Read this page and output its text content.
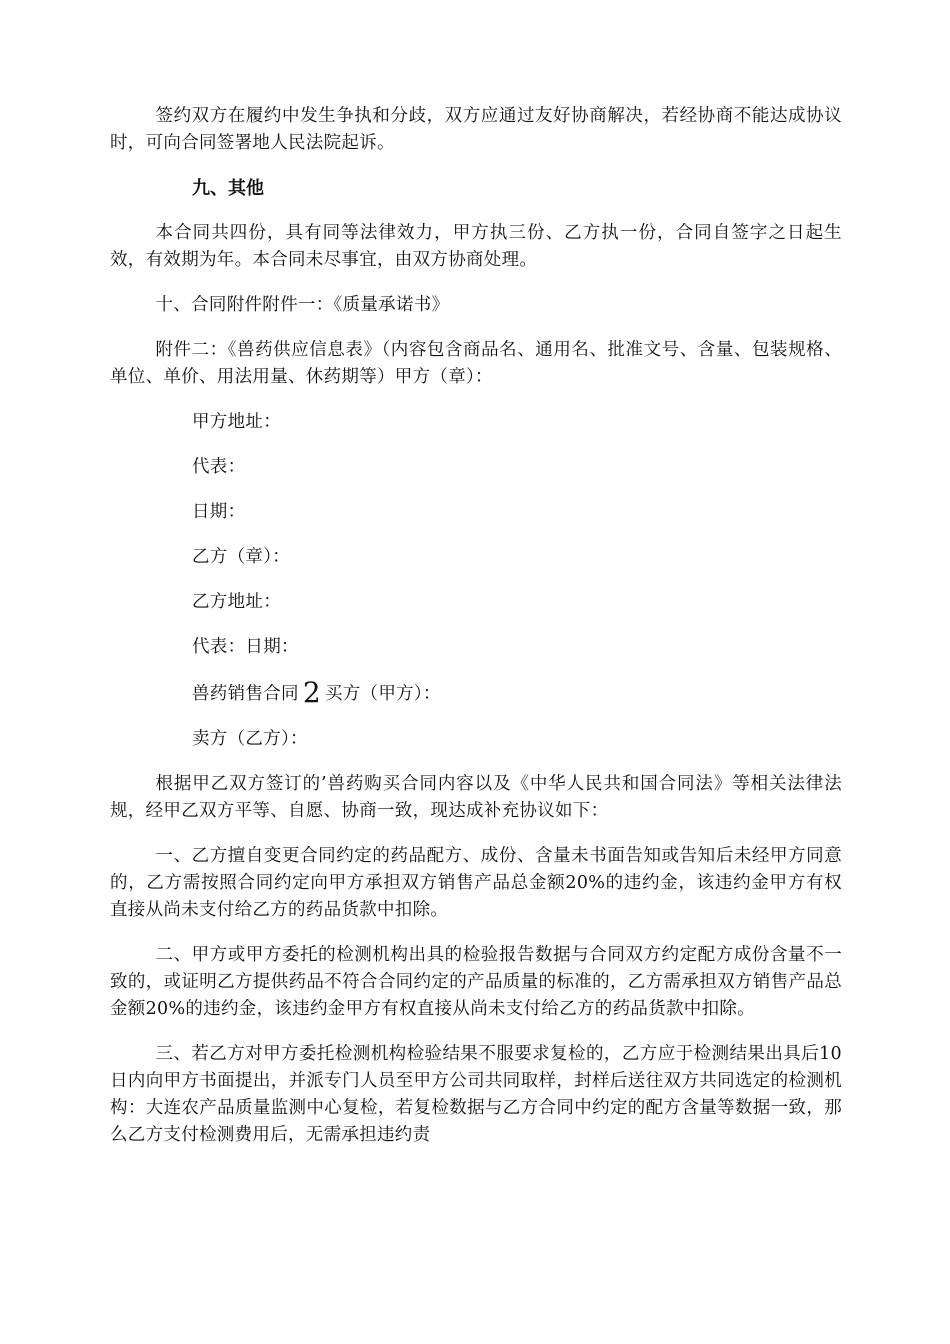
签约双方在履约中发生争执和分歧，双方应通过友好协商解决，若经协商不能达成协议时，可向合同签署地人民法院起诉。

九、其他

本合同共四份，具有同等法律效力，甲方执三份、乙方执一份，合同自签字之日起生效，有效期为年。本合同未尽事宜，由双方协商处理。

十、合同附件附件一：《质量承诺书》

附件二：《兽药供应信息表》（内容包含商品名、通用名、批准文号、含量、包装规格、单位、单价、用法用量、休药期等）甲方（章）：

甲方地址：

代表：

日期：

乙方（章）：

乙方地址：

代表：日期：

兽药销售合同 2 买方（甲方）：

卖方（乙方）：

根据甲乙双方签订的’兽药购买合同内容以及《中华人民共和国合同法》等相关法律法规，经甲乙双方平等、自愿、协商一致，现达成补充协议如下：

一、乙方擅自变更合同约定的药品配方、成份、含量未书面告知或告知后未经甲方同意的，乙方需按照合同约定向甲方承担双方销售产品总金额20%的违约金，该违约金甲方有权直接从尚未支付给乙方的药品货款中扣除。

二、甲方或甲方委托的检测机构出具的检验报告数据与合同双方约定配方成份含量不一致的，或证明乙方提供药品不符合合同约定的产品质量的标准的，乙方需承担双方销售产品总金额20%的违约金，该违约金甲方有权直接从尚未支付给乙方的药品货款中扣除。

三、若乙方对甲方委托检测机构检验结果不服要求复检的，乙方应于检测结果出具后10日内向甲方书面提出，并派专门人员至甲方公司共同取样，封样后送往双方共同选定的检测机构：大连农产品质量监测中心复检，若复检数据与乙方合同中约定的配方含量等数据一致，那么乙方支付检测费用后，无需承担违约责
